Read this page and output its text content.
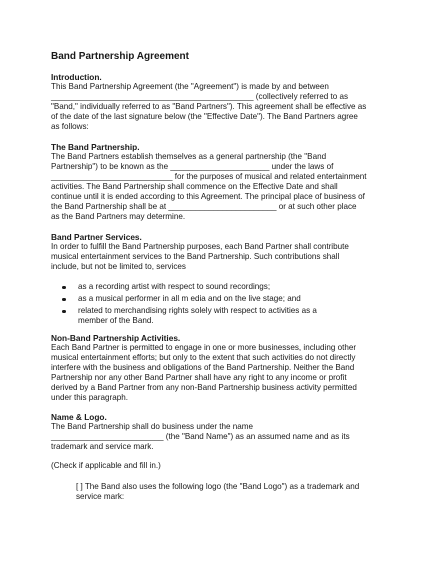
Band Partnership Agreement
Introduction.

This Band Partnership Agreement (the "Agreement") is made by and between
_____________________________________________ (collectively referred to as
"Band," individually referred to as "Band Partners"). This agreement shall be effective as
of the date of the last signature below (the "Effective Date"). The Band Partners agree
as follows:

The Band Partnership.

The Band Partners establish themselves as a general partnership (the "Band
Partnership") to be known as the ______________________ under the laws of
___________________________ for the purposes of musical and related entertainment
activities. The Band Partnership shall commence on the Effective Date and shall
continue until it is ended according to this Agreement. The principal place of business of
the Band Partnership shall be at ________________________ or at such other place
as the Band Partners may determine.

Band Partner Services.

In order to fulfill the Band Partnership purposes, each Band Partner shall contribute
musical entertainment services to the Band Partnership. Such contributions shall
include, but not be limited to, services

as a recording artist with respect to sound recordings;
as a musical performer in all m edia and on the live stage; and
related to merchandising rights solely with respect to activities as a
member of the Band.
Non-Band Partnership Activities.

Each Band Partner is permitted to engage in one or more businesses, including other
musical entertainment efforts; but only to the extent that such activities do not directly
interfere with the business and obligations of the Band Partnership. Neither the Band
Partnership nor any other Band Partner shall have any right to any income or profit
derived by a Band Partner from any non-Band Partnership business activity permitted
under this paragraph.

Name & Logo.

The Band Partnership shall do business under the name
_________________________ (the "Band Name") as an assumed name and as its
trademark and service mark.

(Check if applicable and fill in.)

[ ] The Band also uses the following logo (the "Band Logo") as a trademark and
service mark:
